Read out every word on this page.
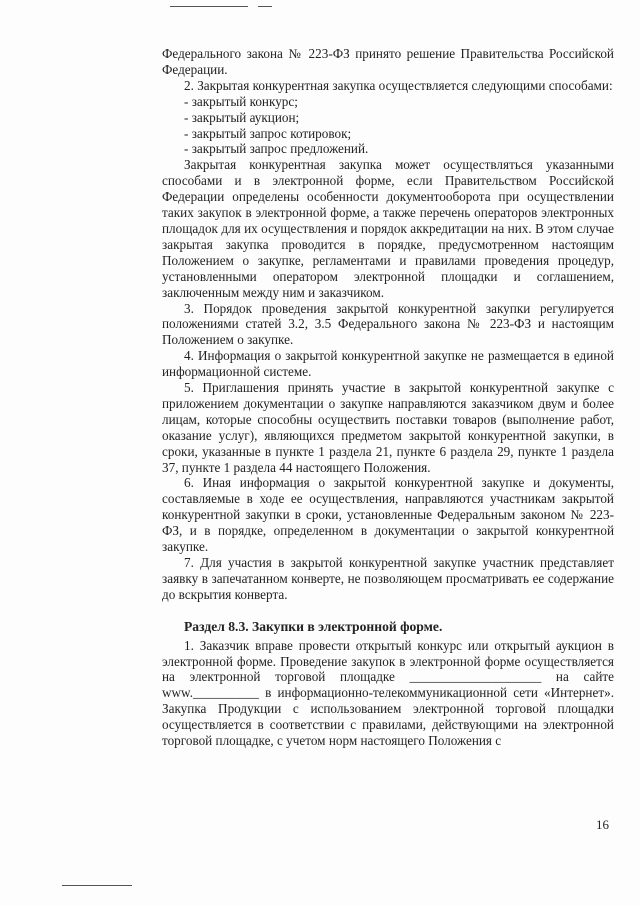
Федерального закона № 223-ФЗ принято решение Правительства Российской Федерации.

2. Закрытая конкурентная закупка осуществляется следующими способами:

- закрытый конкурс;

- закрытый аукцион;

- закрытый запрос котировок;

- закрытый запрос предложений.

Закрытая конкурентная закупка может осуществляться указанными способами и в электронной форме, если Правительством Российской Федерации определены особенности документооборота при осуществлении таких закупок в электронной форме, а также перечень операторов электронных площадок для их осуществления и порядок аккредитации на них. В этом случае закрытая закупка проводится в порядке, предусмотренном настоящим Положением о закупке, регламентами и правилами проведения процедур, установленными оператором электронной площадки и соглашением, заключенным между ним и заказчиком.

3. Порядок проведения закрытой конкурентной закупки регулируется положениями статей 3.2, 3.5 Федерального закона № 223-ФЗ и настоящим Положением о закупке.

4. Информация о закрытой конкурентной закупке не размещается в единой информационной системе.

5. Приглашения принять участие в закрытой конкурентной закупке с приложением документации о закупке направляются заказчиком двум и более лицам, которые способны осуществить поставки товаров (выполнение работ, оказание услуг), являющихся предметом закрытой конкурентной закупки, в сроки, указанные в пункте 1 раздела 21, пункте 6 раздела 29, пункте 1 раздела 37, пункте 1 раздела 44 настоящего Положения.

6. Иная информация о закрытой конкурентной закупке и документы, составляемые в ходе ее осуществления, направляются участникам закрытой конкурентной закупки в сроки, установленные Федеральным законом № 223-ФЗ, и в порядке, определенном в документации о закрытой конкурентной закупке.

7. Для участия в закрытой конкурентной закупке участник представляет заявку в запечатанном конверте, не позволяющем просматривать ее содержание до вскрытия конверта.

Раздел 8.3. Закупки в электронной форме.

1. Заказчик вправе провести открытый конкурс или открытый аукцион в электронной форме. Проведение закупок в электронной форме осуществляется на электронной торговой площадке ____________________ на сайте www.__________ в информационно-телекоммуникационной сети «Интернет». Закупка Продукции с использованием электронной торговой площадки осуществляется в соответствии с правилами, действующими на электронной торговой площадке, с учетом норм настоящего Положения с

16
